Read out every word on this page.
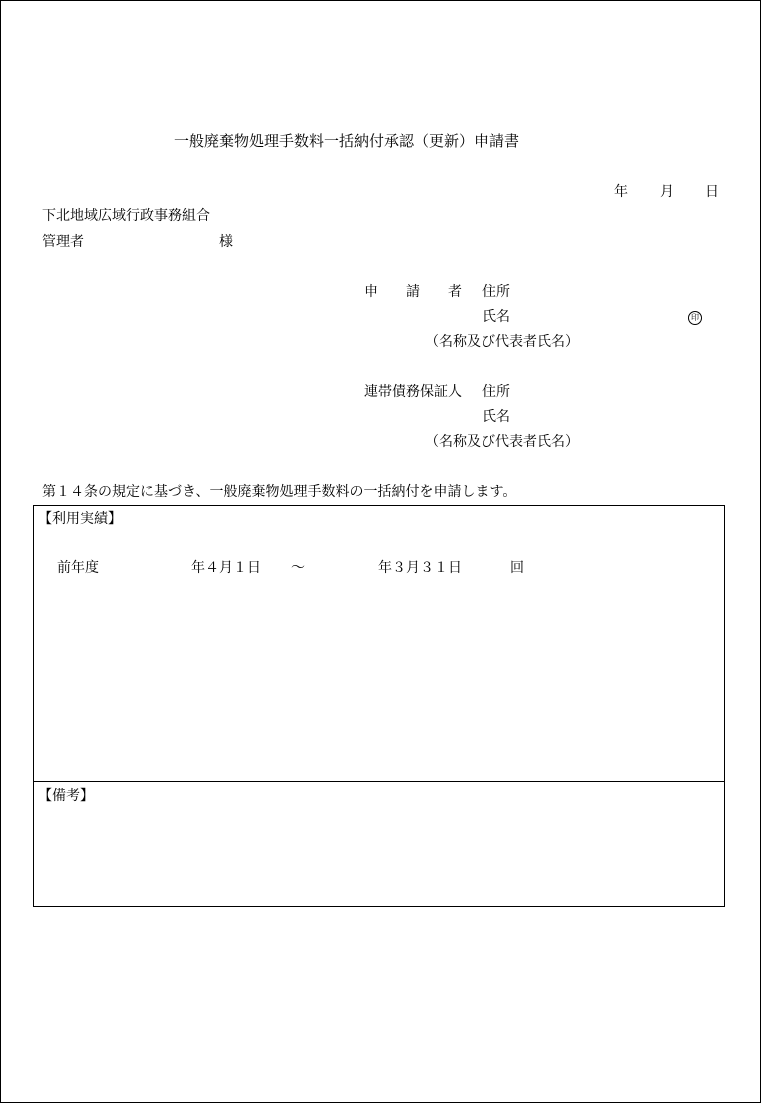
一般廃棄物処理手数料一括納付承認（更新）申請書
年 月 日
下北地域広域行政事務組合
管理者	様
申　　請　　者 住所
氏名	印
（名称及び代表者氏名）
連帯債務保証人 住所
氏名
（名称及び代表者氏名）
第１４条の規定に基づき、一般廃棄物処理手数料の一括納付を申請します。
【利用実績】
前年度	年４月１日 ～	年３月３１日	回
【備考】
